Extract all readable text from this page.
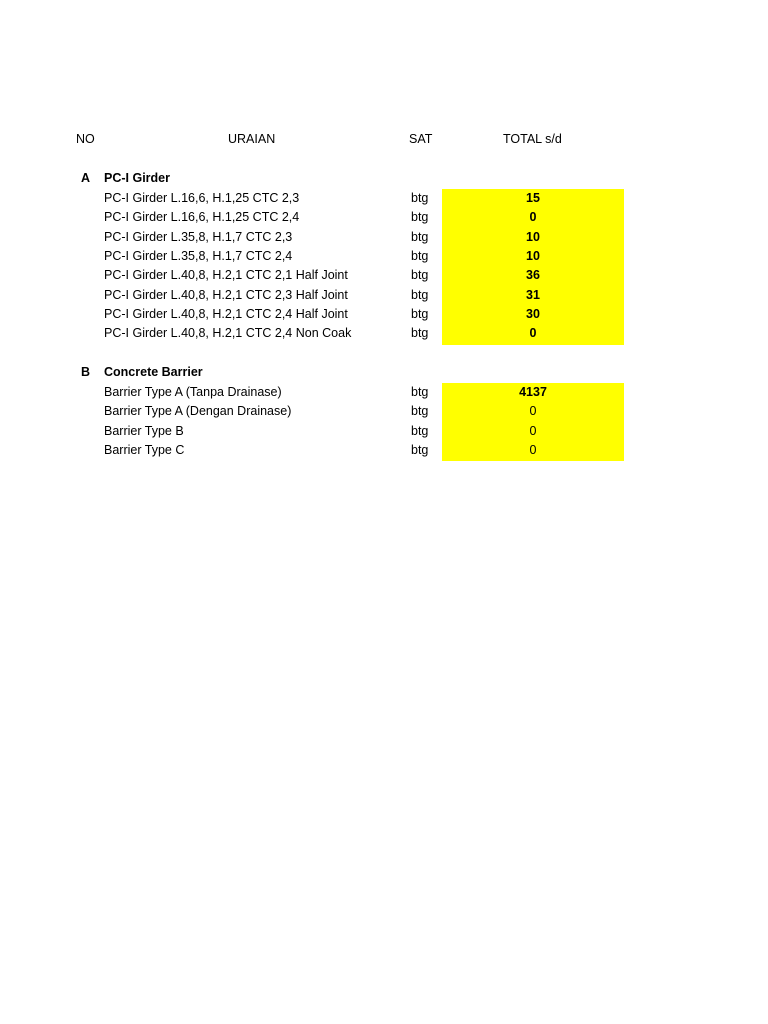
NO	URAIAN	SAT	TOTAL s/d
A PC-I Girder
PC-I Girder L.16,6, H.1,25 CTC 2,3	btg	15
PC-I Girder L.16,6, H.1,25 CTC 2,4	btg	0
PC-I Girder L.35,8, H.1,7 CTC 2,3	btg	10
PC-I Girder L.35,8, H.1,7 CTC 2,4	btg	10
PC-I Girder L.40,8, H.2,1 CTC 2,1 Half Joint	btg	36
PC-I Girder L.40,8, H.2,1 CTC 2,3 Half Joint	btg	31
PC-I Girder L.40,8, H.2,1 CTC 2,4 Half Joint	btg	30
PC-I Girder L.40,8, H.2,1 CTC 2,4 Non Coak	btg	0
B Concrete Barrier
Barrier Type A (Tanpa Drainase)	btg	4137
Barrier Type A (Dengan Drainase)	btg	0
Barrier Type B	btg	0
Barrier Type C	btg	0
